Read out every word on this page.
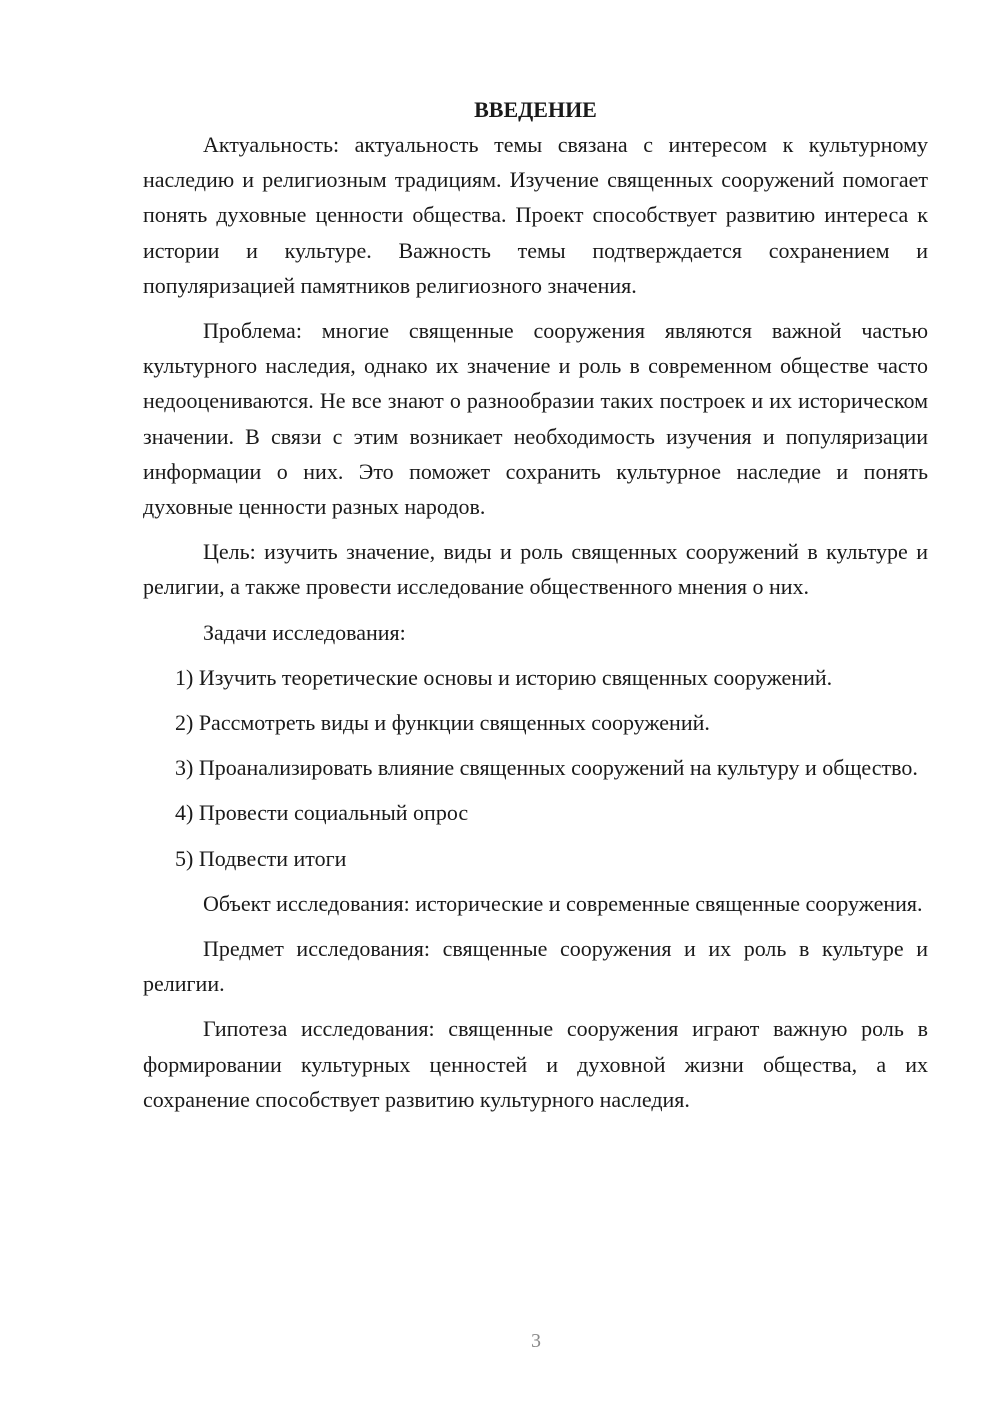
ВВЕДЕНИЕ

Актуальность: актуальность темы связана с интересом к культурному наследию и религиозным традициям. Изучение священных сооружений помогает понять духовные ценности общества. Проект способствует развитию интереса к истории и культуре. Важность темы подтверждается сохранением и популяризацией памятников религиозного значения.

Проблема: многие священные сооружения являются важной частью культурного наследия, однако их значение и роль в современном обществе часто недооцениваются. Не все знают о разнообразии таких построек и их историческом значении. В связи с этим возникает необходимость изучения и популяризации информации о них. Это поможет сохранить культурное наследие и понять духовные ценности разных народов.

Цель: изучить значение, виды и роль священных сооружений в культуре и религии, а также провести исследование общественного мнения о них.

Задачи исследования:

1) Изучить теоретические основы и историю священных сооружений.

2) Рассмотреть виды и функции священных сооружений.

3) Проанализировать влияние священных сооружений на культуру и общество.

4) Провести социальный опрос

5) Подвести итоги

Объект исследования: исторические и современные священные сооружения.

Предмет исследования: священные сооружения и их роль в культуре и религии.

Гипотеза исследования: священные сооружения играют важную роль в формировании культурных ценностей и духовной жизни общества, а их сохранение способствует развитию культурного наследия.

3
